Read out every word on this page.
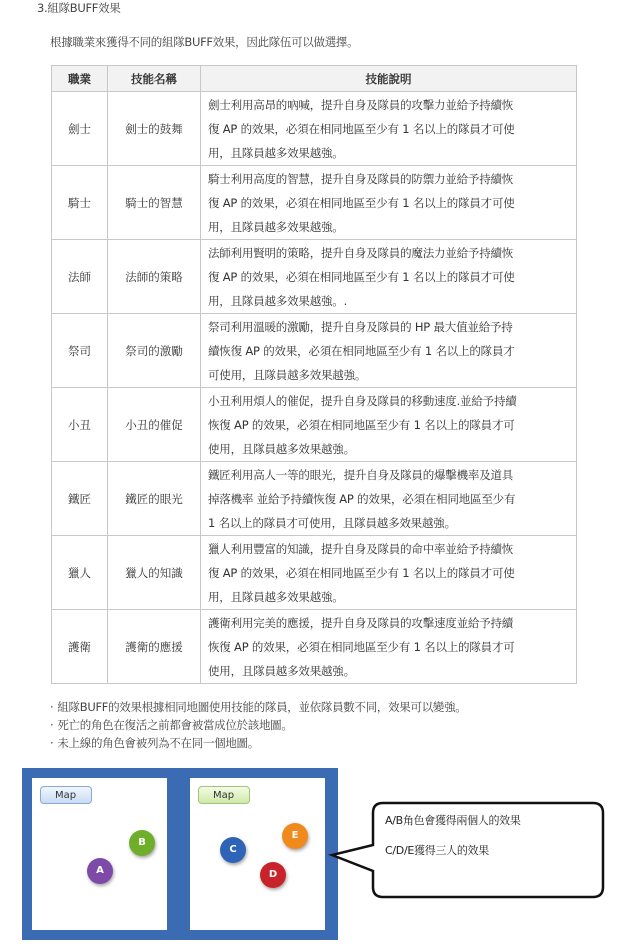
3.組隊BUFF效果
根據職業來獲得不同的組隊BUFF效果，因此隊伍可以做選擇。
職業	技能名稱	技能說明
劍士	劍士的鼓舞	劍士利用高昂的吶喊，提升自身及隊員的攻擊力並給予持續恢
復 AP 的效果，必須在相同地區至少有 1 名以上的隊員才可使
用，且隊員越多效果越強。

騎士	騎士的智慧	騎士利用高度的智慧，提升自身及隊員的防禦力並給予持續恢
復 AP 的效果，必須在相同地區至少有 1 名以上的隊員才可使
用，且隊員越多效果越強。

法師	法師的策略	法師利用賢明的策略，提升自身及隊員的魔法力並給予持續恢
復 AP 的效果，必須在相同地區至少有 1 名以上的隊員才可使
用，且隊員越多效果越強。.

祭司	祭司的激勵	祭司利用溫暖的激勵，提升自身及隊員的 HP 最大值並給予持
續恢復 AP 的效果，必須在相同地區至少有 1 名以上的隊員才
可使用，且隊員越多效果越強。

小丑	小丑的催促	小丑利用煩人的催促，提升自身及隊員的移動速度.並給予持續
恢復 AP 的效果，必須在相同地區至少有 1 名以上的隊員才可
使用，且隊員越多效果越強。

鐵匠	鐵匠的眼光	鐵匠利用高人一等的眼光，提升自身及隊員的爆擊機率及道具
掉落機率 並給予持續恢復 AP 的效果，必須在相同地區至少有
1 名以上的隊員才可使用，且隊員越多效果越強。

獵人	獵人的知識	獵人利用豐富的知識，提升自身及隊員的命中率並給予持續恢
復 AP 的效果，必須在相同地區至少有 1 名以上的隊員才可使
用，且隊員越多效果越強。

護衛	護衛的應援	護衛利用完美的應援，提升自身及隊員的攻擊速度並給予持續
恢復 AP 的效果，必須在相同地區至少有 1 名以上的隊員才可
使用，且隊員越多效果越強。
· 組隊BUFF的效果根據相同地圖使用技能的隊員，並依隊員數不同，效果可以變強。
· 死亡的角色在復活之前都會被當成位於該地圖。
· 未上線的角色會被列為不在同一個地圖。
Map
B
A
Map
C
E
D
A/B角色會獲得兩個人的效果
C/D/E獲得三人的效果
